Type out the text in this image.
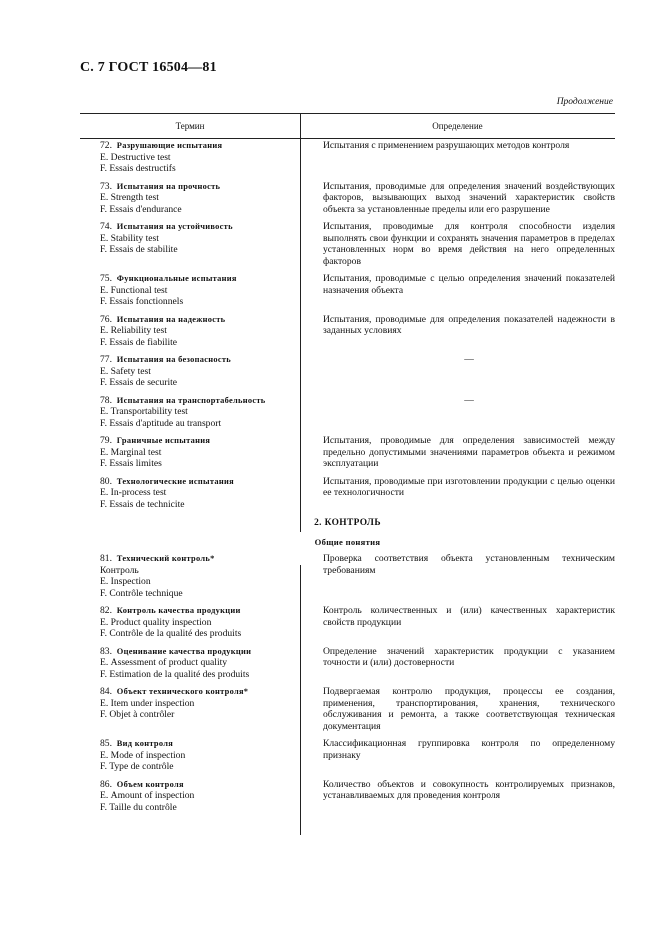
С. 7 ГОСТ 16504—81
Продолжение
Термин	Определение
72. Разрушающие испытания
Е. Destructive test
F. Essais destructifs
Испытания с применением разрушающих методов контроля
73. Испытания на прочность
Е. Strength test
F. Essais d'endurance
Испытания, проводимые для определения значений воздействующих факторов, вызывающих выход значений характеристик свойств объекта за установленные пределы или его разрушение
74. Испытания на устойчивость
Е. Stability test
F. Essais de stabilite
Испытания, проводимые для контроля способности изделия выполнять свои функции и сохранять значения параметров в пределах установленных норм во время действия на него определенных факторов
75. Функциональные испытания
Е. Functional test
F. Essais fonctionnels
Испытания, проводимые с целью определения значений показателей назначения объекта
76. Испытания на надежность
Е. Reliability test
F. Essais de fiabilite
Испытания, проводимые для определения показателей надежности в заданных условиях
77. Испытания на безопасность
Е. Safety test
F. Essais de securite
—
78. Испытания на транспортабельность
Е. Transportability test
F. Essais d'aptitude au transport
—
79. Граничные испытания
Е. Marginal test
F. Essais limites
Испытания, проводимые для определения зависимостей между предельно допустимыми значениями параметров объекта и режимом эксплуатации
80. Технологические испытания
Е. In-process test
F. Essais de technicite
Испытания, проводимые при изготовлении продукции с целью оценки ее технологичности
2. КОНТРОЛЬ
Общие понятия
81. Технический контроль*
Контроль
Е. Inspection
F. Contrôle technique
Проверка соответствия объекта установленным техническим требованиям
82. Контроль качества продукции
Е. Product quality inspection
F. Contrôle de la qualité des produits
Контроль количественных и (или) качественных характеристик свойств продукции
83. Оценивание качества продукции
Е. Assessment of product quality
F. Estimation de la qualité des produits
Определение значений характеристик продукции с указанием точности и (или) достоверности
84. Объект технического контроля*
Е. Item under inspection
F. Objet à contrôler
Подвергаемая контролю продукция, процессы ее создания, применения, транспортирования, хранения, технического обслуживания и ремонта, а также соответствующая техническая документация
85. Вид контроля
Е. Mode of inspection
F. Type de contrôle
Классификационная группировка контроля по определенному признаку
86. Объем контроля
Е. Amount of inspection
F. Taille du contrôle
Количество объектов и совокупность контролируемых признаков, устанавливаемых для проведения контроля
